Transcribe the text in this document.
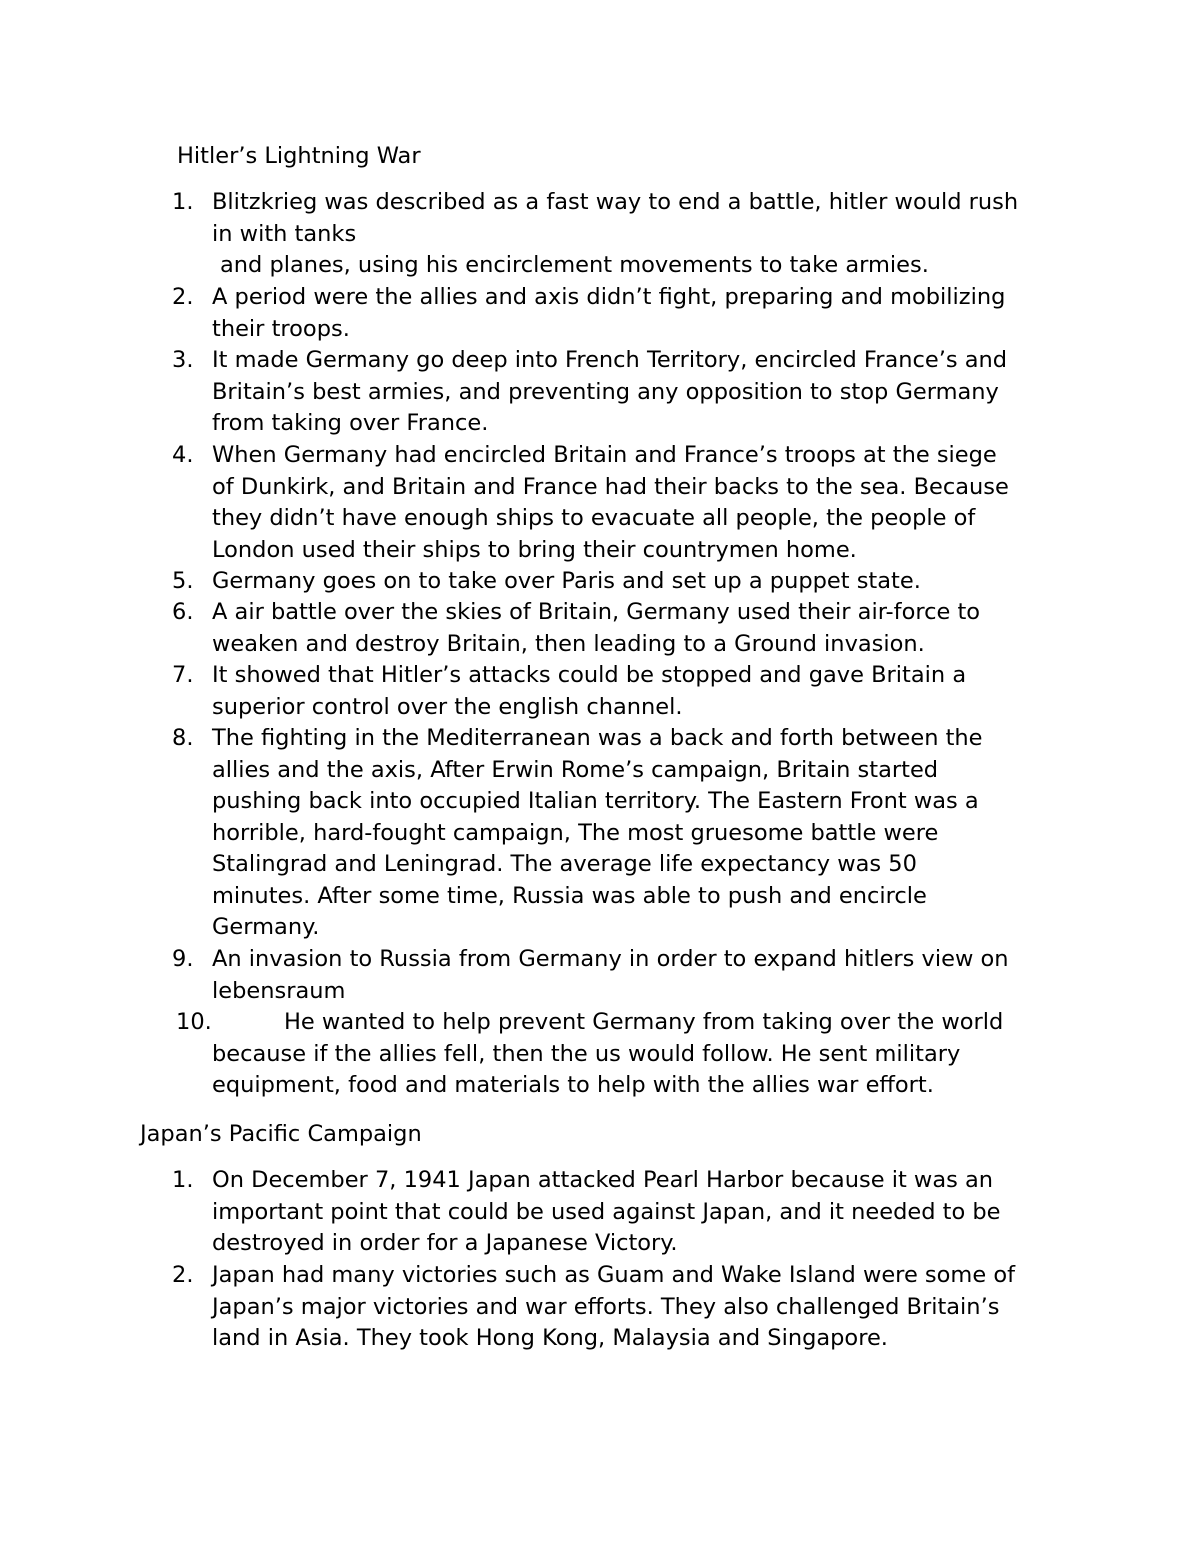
Hitler’s Lightning War
1. Blitzkrieg was described as a fast way to end a battle, hitler would rush
in with tanks
and planes, using his encirclement movements to take armies.
2. A period were the allies and axis didn’t fight, preparing and mobilizing
their troops.
3. It made Germany go deep into French Territory, encircled France’s and
Britain’s best armies, and preventing any opposition to stop Germany
from taking over France.
4. When Germany had encircled Britain and France’s troops at the siege
of Dunkirk, and Britain and France had their backs to the sea. Because
they didn’t have enough ships to evacuate all people, the people of
London used their ships to bring their countrymen home.
5. Germany goes on to take over Paris and set up a puppet state.
6. A air battle over the skies of Britain, Germany used their air-force to
weaken and destroy Britain, then leading to a Ground invasion.
7. It showed that Hitler’s attacks could be stopped and gave Britain a
superior control over the english channel.
8. The fighting in the Mediterranean was a back and forth between the
allies and the axis, After Erwin Rome’s campaign, Britain started
pushing back into occupied Italian territory. The Eastern Front was a
horrible, hard-fought campaign, The most gruesome battle were
Stalingrad and Leningrad. The average life expectancy was 50
minutes. After some time, Russia was able to push and encircle
Germany.
9. An invasion to Russia from Germany in order to expand hitlers view on
lebensraum
10.	He wanted to help prevent Germany from taking over the world
because if the allies fell, then the us would follow. He sent military
equipment, food and materials to help with the allies war effort.
Japan’s Pacific Campaign
1. On December 7, 1941 Japan attacked Pearl Harbor because it was an
important point that could be used against Japan, and it needed to be
destroyed in order for a Japanese Victory.
2. Japan had many victories such as Guam and Wake Island were some of
Japan’s major victories and war efforts. They also challenged Britain’s
land in Asia. They took Hong Kong, Malaysia and Singapore.
